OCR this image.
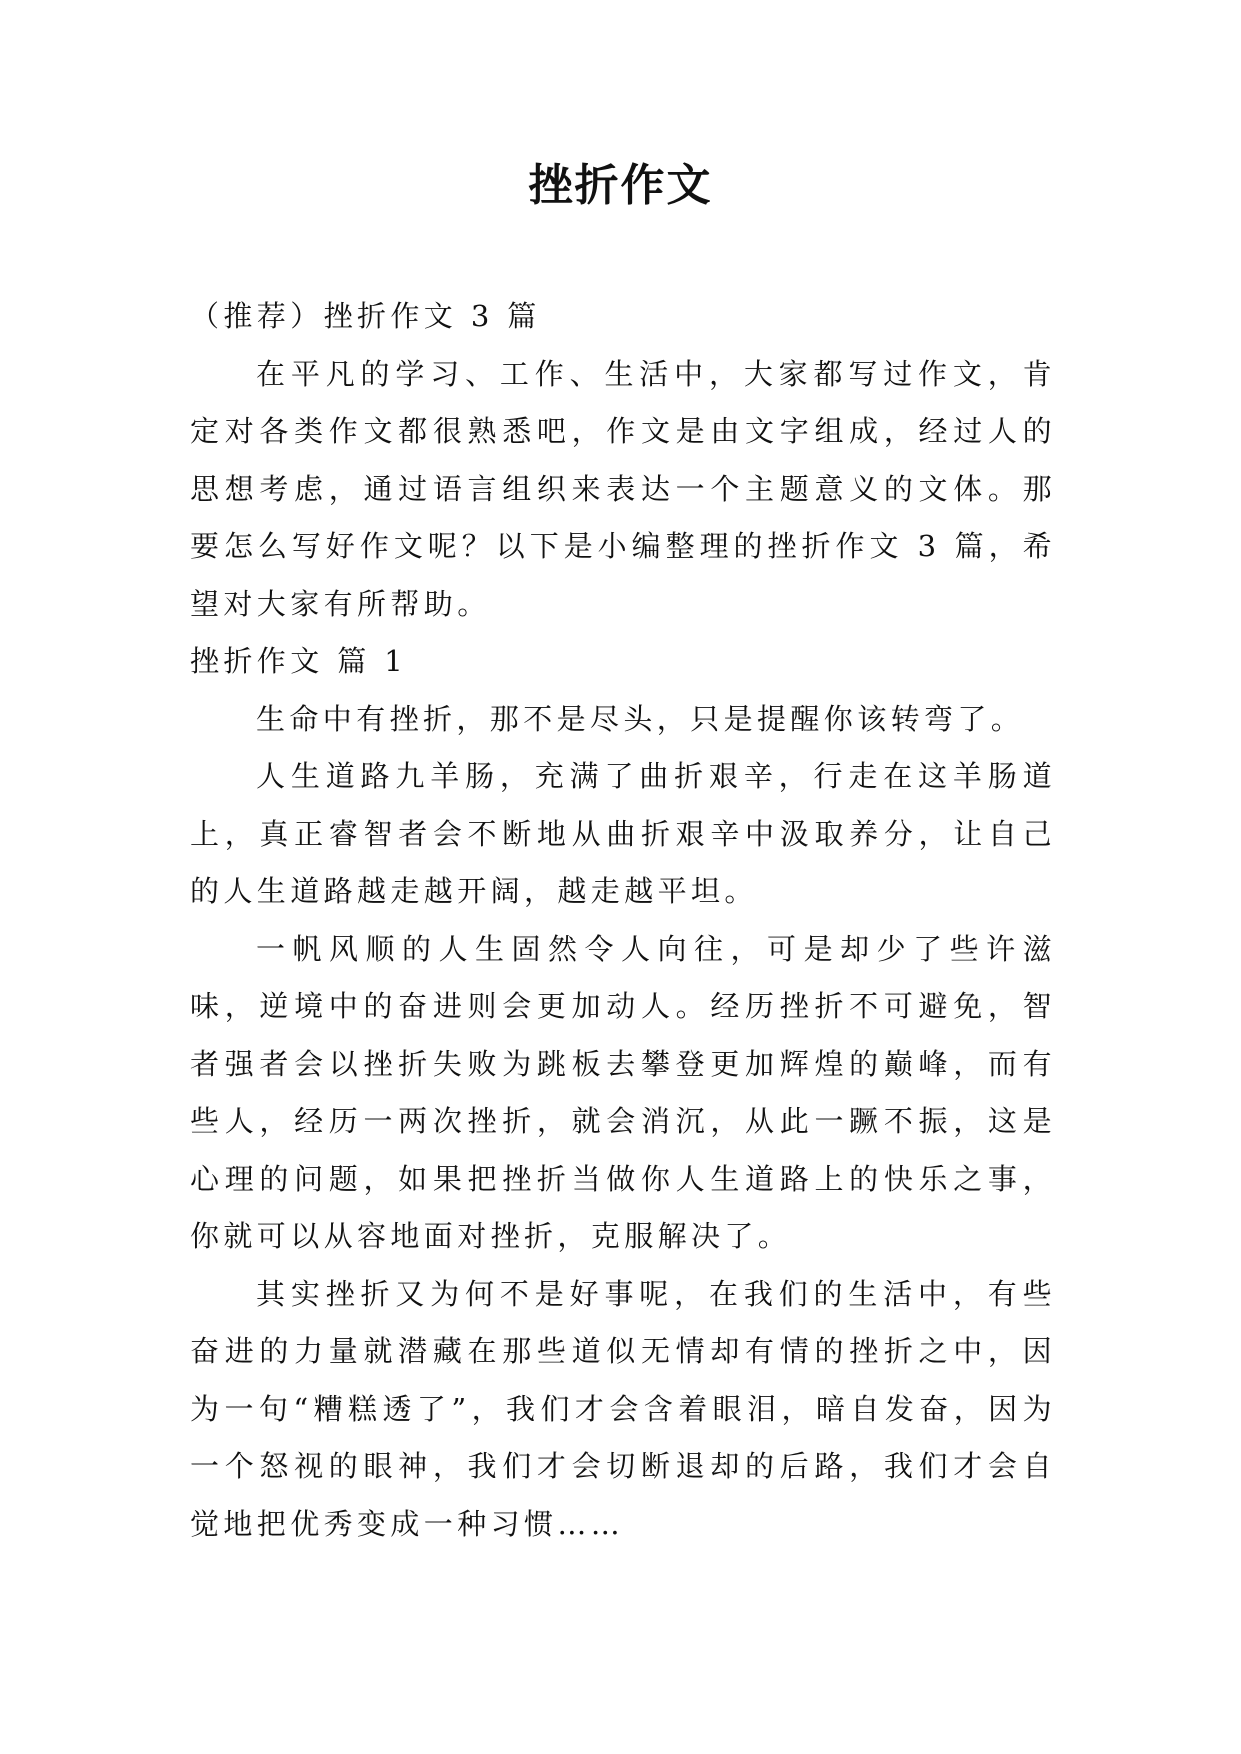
挫折作文

（推荐）挫折作文 3 篇

在平凡的学习、工作、生活中，大家都写过作文，肯定对各类作文都很熟悉吧，作文是由文字组成，经过人的思想考虑，通过语言组织来表达一个主题意义的文体。那要怎么写好作文呢？以下是小编整理的挫折作文 3 篇，希望对大家有所帮助。

挫折作文 篇 1

生命中有挫折，那不是尽头，只是提醒你该转弯了。

人生道路九羊肠，充满了曲折艰辛，行走在这羊肠道上，真正睿智者会不断地从曲折艰辛中汲取养分，让自己的人生道路越走越开阔，越走越平坦。

一帆风顺的人生固然令人向往，可是却少了些许滋味，逆境中的奋进则会更加动人。经历挫折不可避免，智者强者会以挫折失败为跳板去攀登更加辉煌的巅峰，而有些人，经历一两次挫折，就会消沉，从此一蹶不振，这是心理的问题，如果把挫折当做你人生道路上的快乐之事，你就可以从容地面对挫折，克服解决了。

其实挫折又为何不是好事呢，在我们的生活中，有些奋进的力量就潜藏在那些道似无情却有情的挫折之中，因为一句“糟糕透了”，我们才会含着眼泪，暗自发奋，因为一个怒视的眼神，我们才会切断退却的后路，我们才会自觉地把优秀变成一种习惯……
